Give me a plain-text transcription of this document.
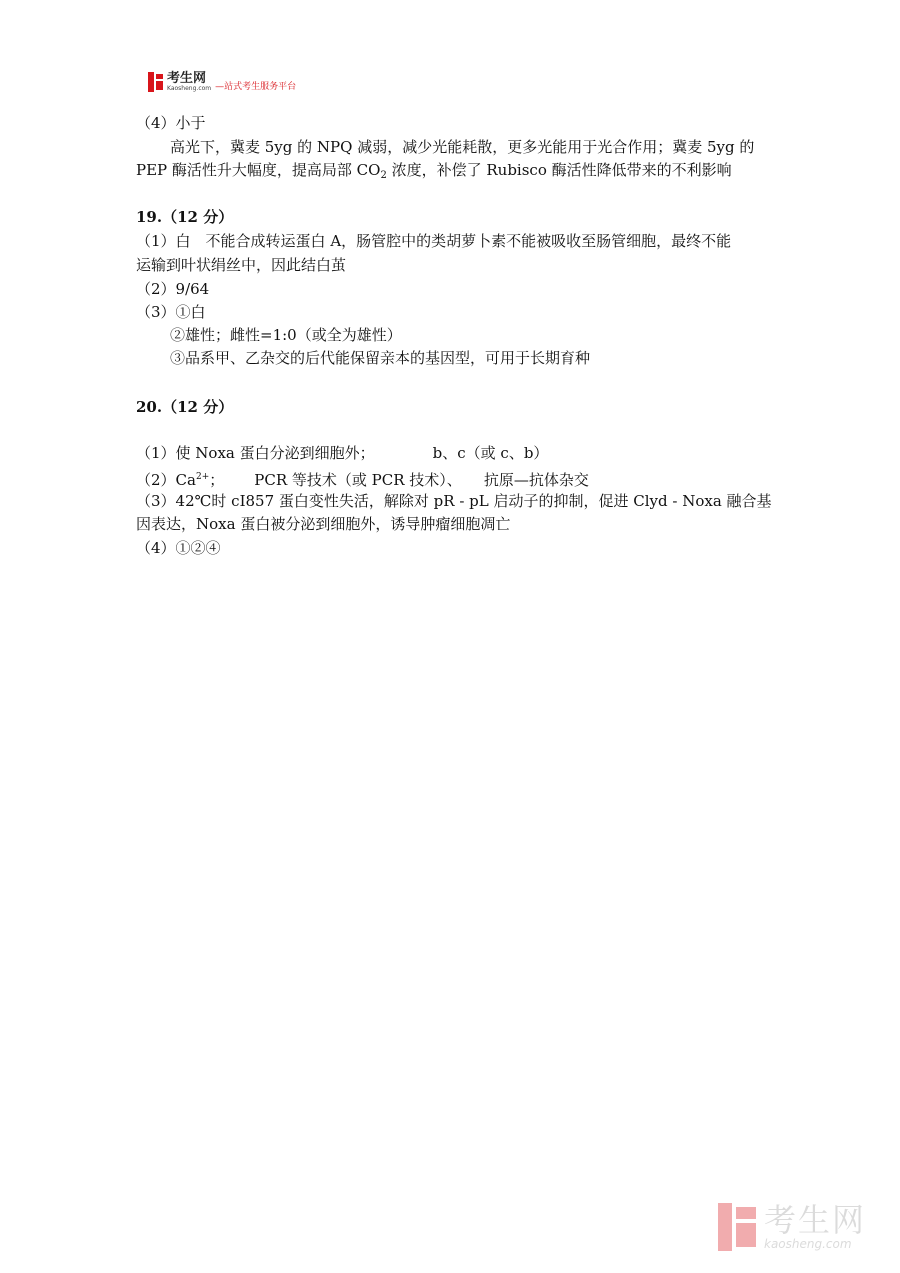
考生网
Kaosheng.com —站式考生服务平台
（4）小于
高光下，冀麦 5yg 的 NPQ 减弱，减少光能耗散，更多光能用于光合作用；冀麦 5yg 的
PEP 酶活性升大幅度，提高局部 $CO_2$ 浓度，补偿了 Rubisco 酶活性降低带来的不利影响
19.（12 分）
（1）白　不能合成转运蛋白 A，肠管腔中的类胡萝卜素不能被吸收至肠管细胞，最终不能
运输到叶状绢丝中，因此结白茧
（2）9/64
（3）①白
②雄性；雌性=1:0（或全为雄性）
③品系甲、乙杂交的后代能保留亲本的基因型，可用于长期育种
20.（12 分）
（1）使 Noxa 蛋白分泌到细胞外；	b、c（或 c、b）
$(2)Ca^{2+}$； PCR 等技术（或 PCR 技术）、 抗原—抗体杂交
（3）42℃时 cI857 蛋白变性失活，解除对 pR - pL 启动子的抑制，促进 Clyd - Noxa 融合基
因表达，Noxa 蛋白被分泌到细胞外，诱导肿瘤细胞凋亡
（4）①②④
考生网
kaosheng.com
